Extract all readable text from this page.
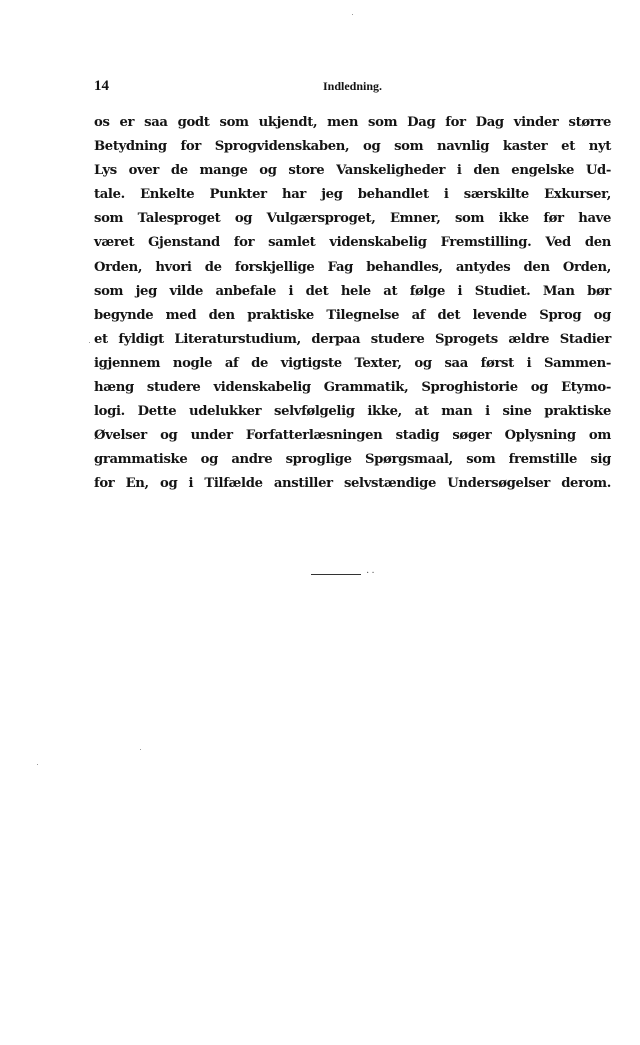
14	Indledning.
os er saa godt som ukjendt, men som Dag for Dag vinder større
Betydning for Sprogvidenskaben, og som navnlig kaster et nyt
Lys over de mange og store Vanskeligheder i den engelske Ud-
tale. Enkelte Punkter har jeg behandlet i særskilte Exkurser,
som Talesproget og Vulgærsproget, Emner, som ikke før have
været Gjenstand for samlet videnskabelig Fremstilling. Ved den
Orden, hvori de forskjellige Fag behandles, antydes den Orden,
som jeg vilde anbefale i det hele at følge i Studiet. Man bør
begynde med den praktiske Tilegnelse af det levende Sprog og
et fyldigt Literaturstudium, derpaa studere Sprogets ældre Stadier
igjennem nogle af de vigtigste Texter, og saa først i Sammen-
hæng studere videnskabelig Grammatik, Sproghistorie og Etymo-
logi. Dette udelukker selvfølgelig ikke, at man i sine praktiske
Øvelser og under Forfatterlæsningen stadig søger Oplysning om
grammatiske og andre sproglige Spørgsmaal, som fremstille sig
for En, og i Tilfælde anstiller selvstændige Undersøgelser derom.
··
